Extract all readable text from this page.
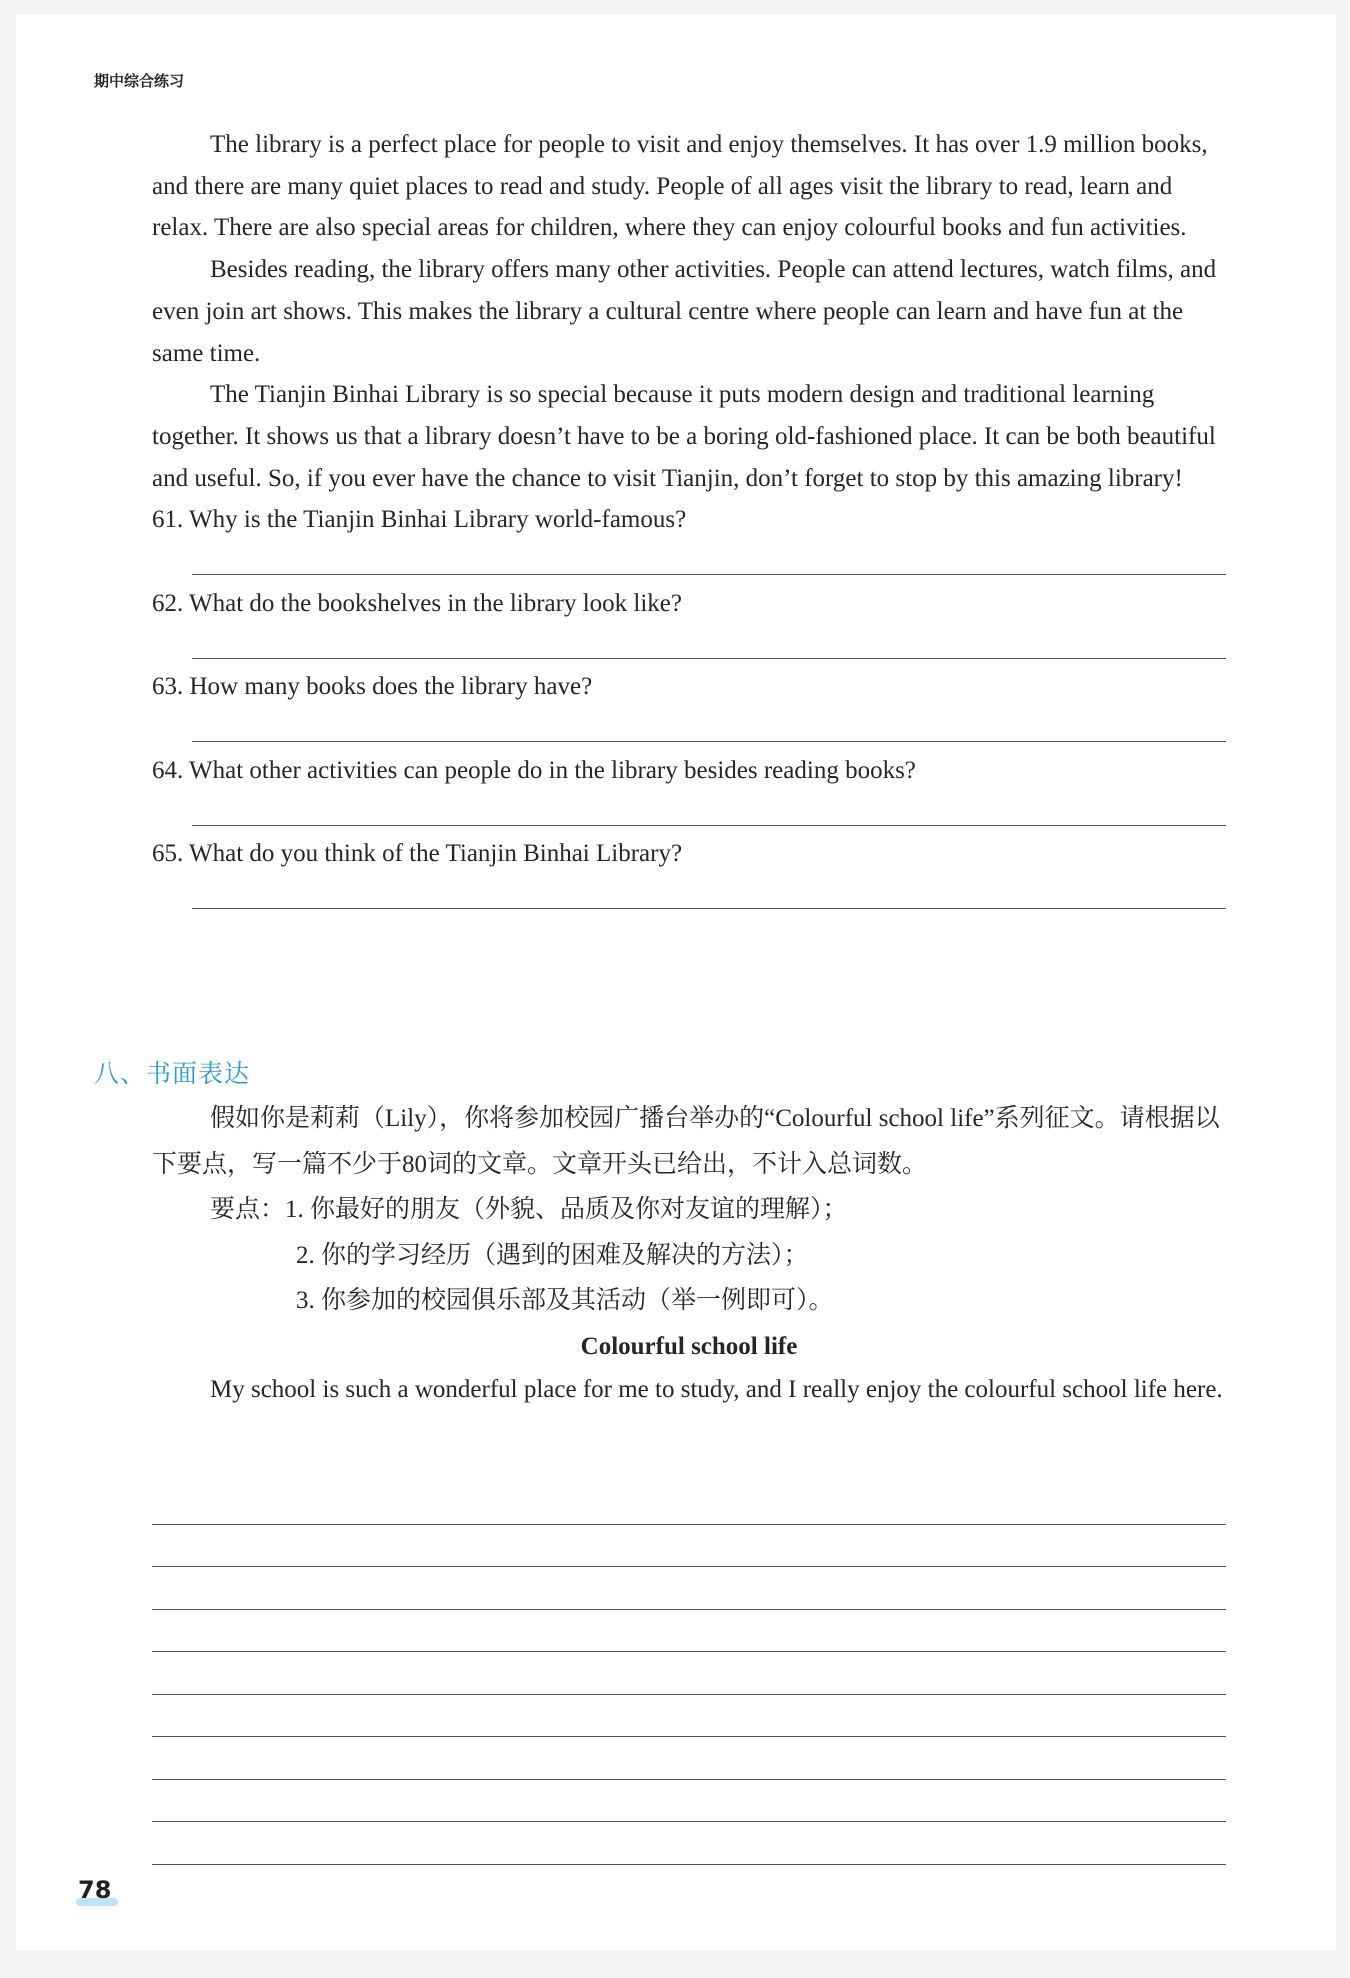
期中综合练习

The library is a perfect place for people to visit and enjoy themselves. It has over 1.9 million books, and there are many quiet places to read and study. People of all ages visit the library to read, learn and relax. There are also special areas for children, where they can enjoy colourful books and fun activities.

Besides reading, the library offers many other activities. People can attend lectures, watch films, and even join art shows. This makes the library a cultural centre where people can learn and have fun at the same time.

The Tianjin Binhai Library is so special because it puts modern design and traditional learning together. It shows us that a library doesn’t have to be a boring old-fashioned place. It can be both beautiful and useful. So, if you ever have the chance to visit Tianjin, don’t forget to stop by this amazing library!

61. Why is the Tianjin Binhai Library world-famous?
62. What do the bookshelves in the library look like?
63. How many books does the library have?
64. What other activities can people do in the library besides reading books?
65. What do you think of the Tianjin Binhai Library?
八、书面表达

假如你是莉莉（Lily），你将参加校园广播台举办的“Colourful school life”系列征文。请根据以下要点，写一篇不少于80词的文章。文章开头已给出，不计入总词数。

要点：1. 你最好的朋友（外貌、品质及你对友谊的理解）；

2. 你的学习经历（遇到的困难及解决的方法）；

3. 你参加的校园俱乐部及其活动（举一例即可）。

Colourful school life

My school is such a wonderful place for me to study, and I really enjoy the colourful school life here.

78
